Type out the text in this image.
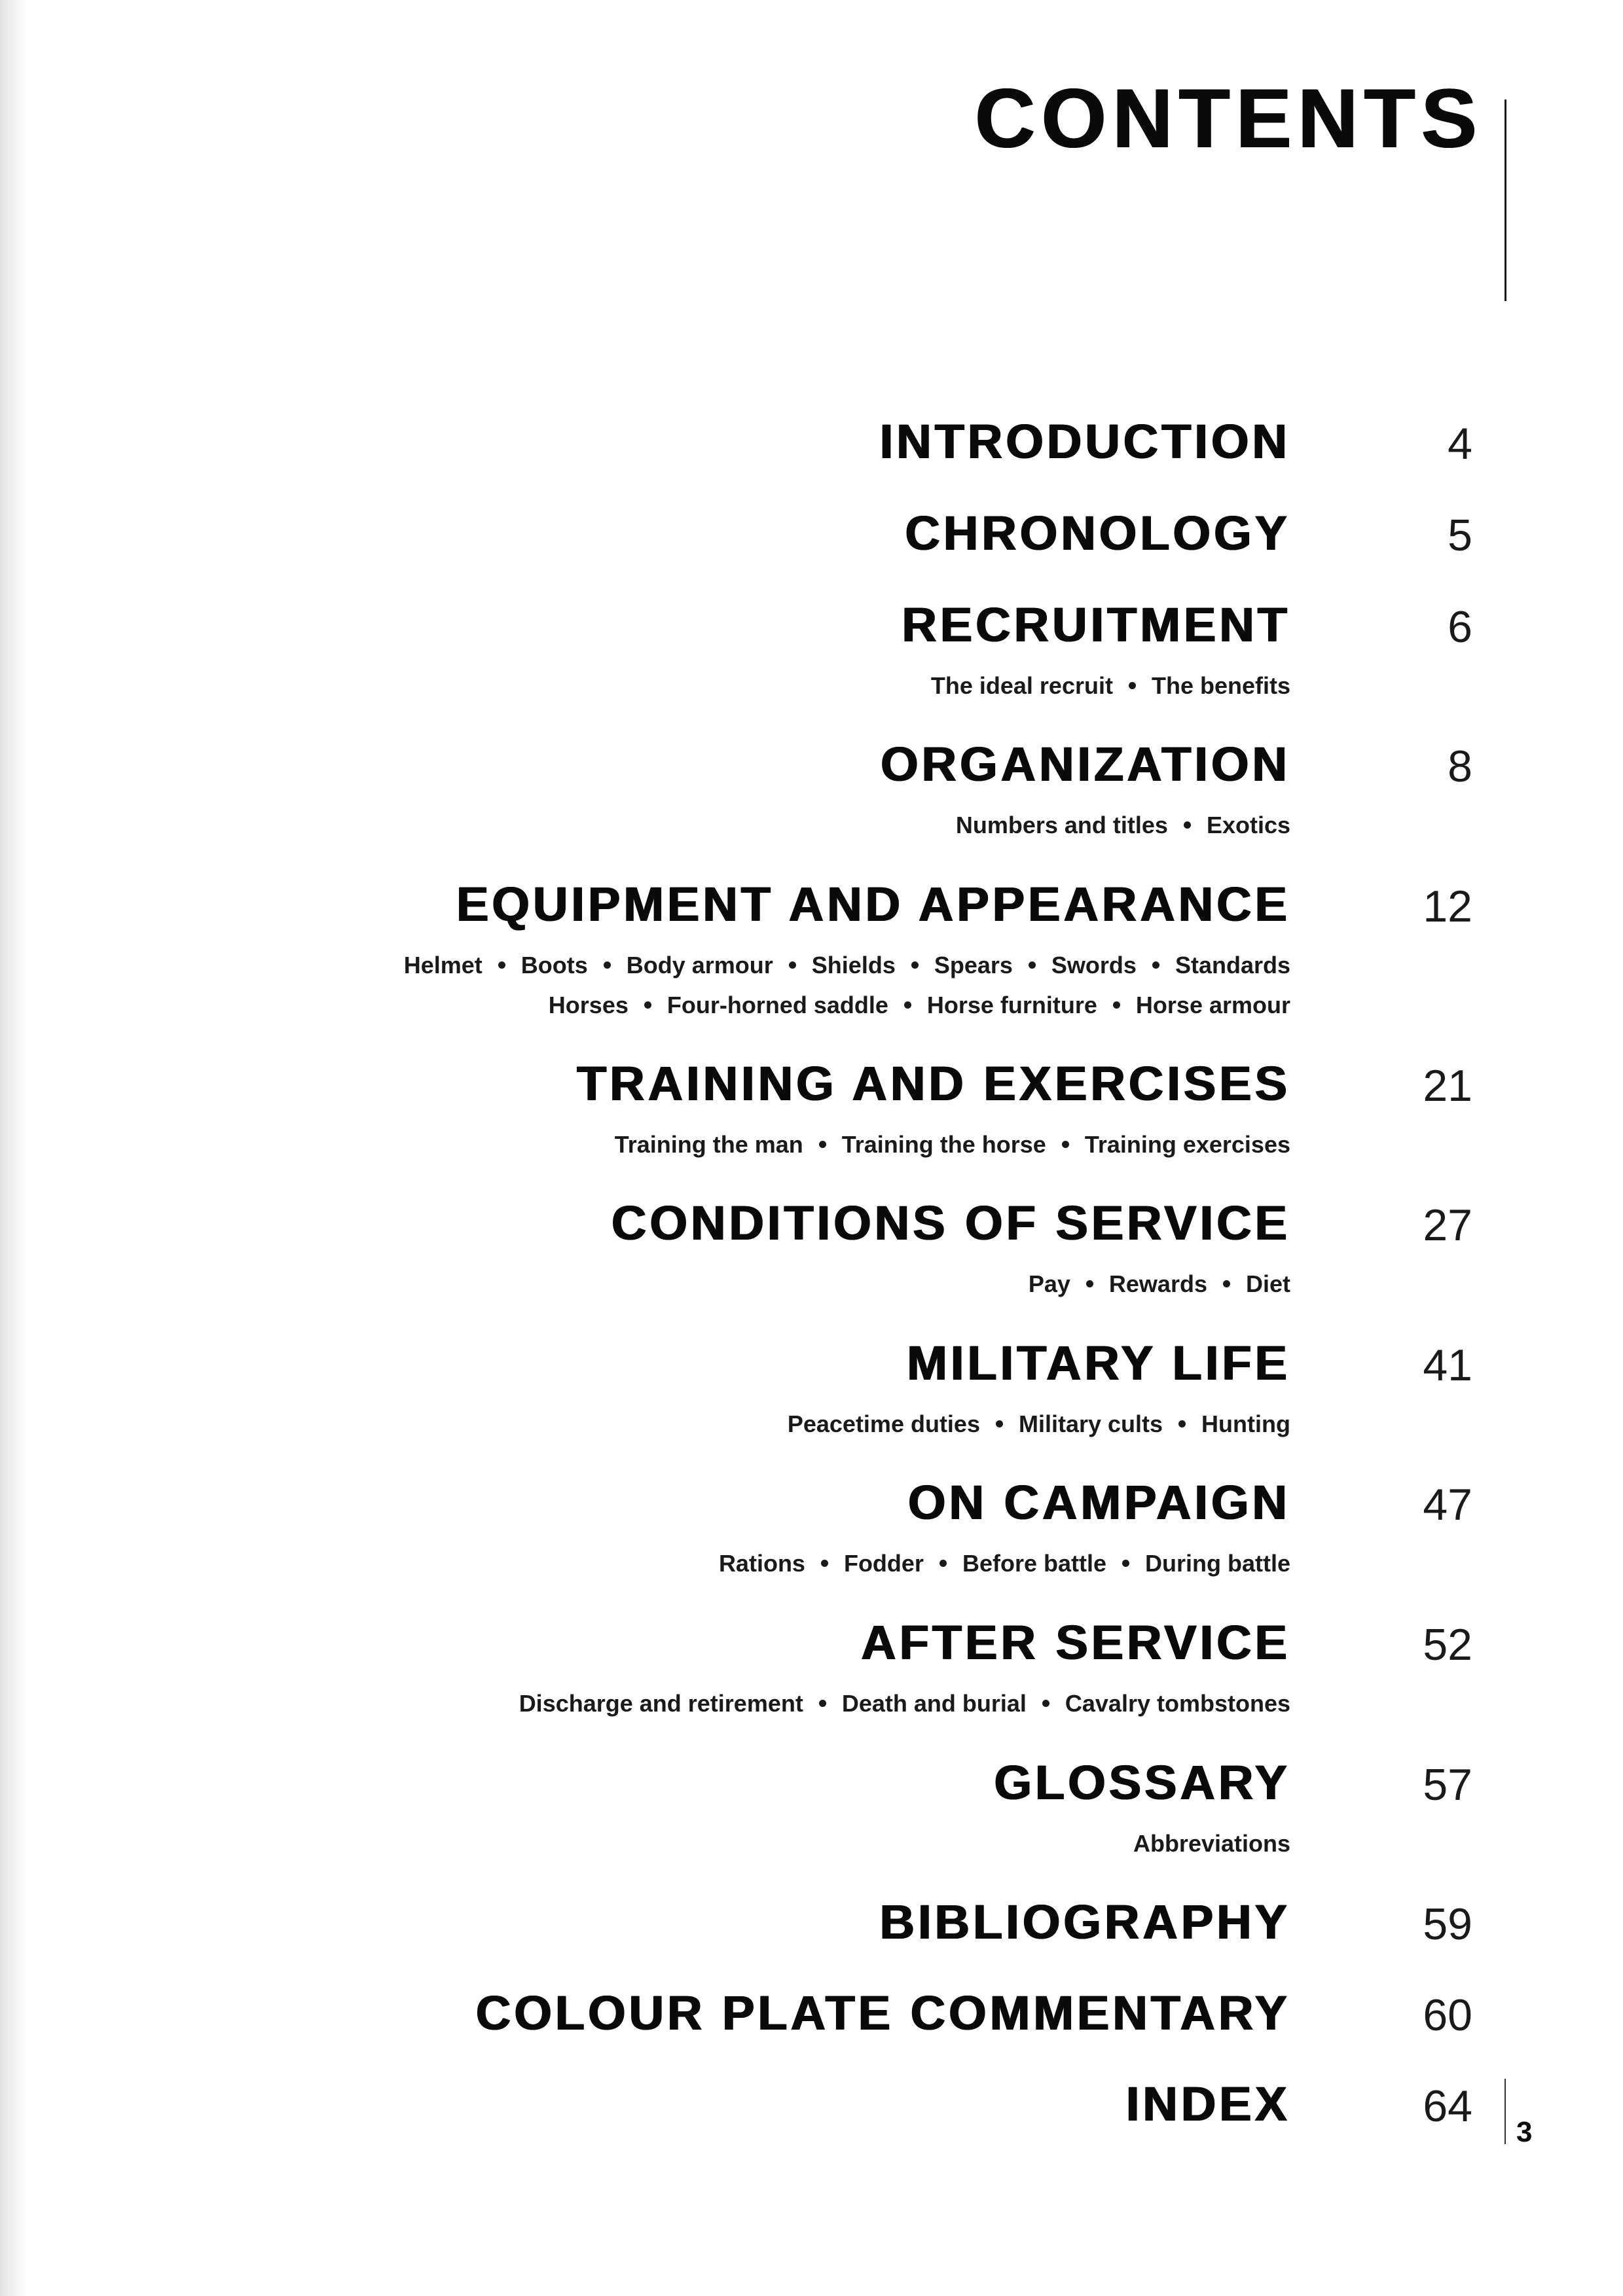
CONTENTS
INTRODUCTION	4
CHRONOLOGY	5
RECRUITMENT	6
The ideal recruit The benefits
ORGANIZATION	8
Numbers and titles Exotics
EQUIPMENT AND APPEARANCE	12
Helmet Boots Body armour Shields Spears Swords Standards
Horses Four-horned saddle Horse furniture Horse armour
TRAINING AND EXERCISES	21
Training the man Training the horse Training exercises
CONDITIONS OF SERVICE	27
Pay Rewards Diet
MILITARY LIFE	41
Peacetime duties Military cults Hunting
ON CAMPAIGN	47
Rations Fodder Before battle During battle
AFTER SERVICE	52
Discharge and retirement Death and burial Cavalry tombstones
GLOSSARY	57
Abbreviations
BIBLIOGRAPHY	59
COLOUR PLATE COMMENTARY	60
INDEX	64
3
